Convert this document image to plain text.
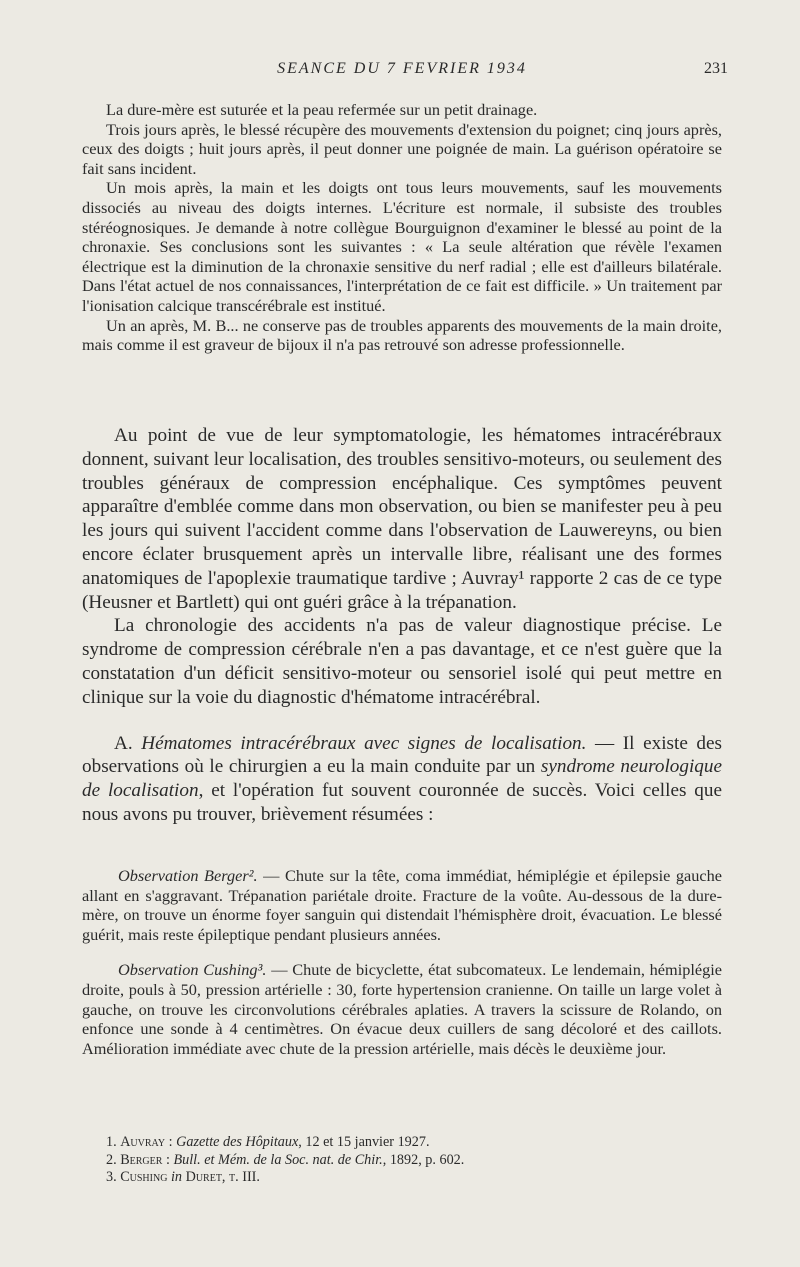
SEANCE DU 7 FEVRIER 1934	231

La dure-mère est suturée et la peau refermée sur un petit drainage.

Trois jours après, le blessé récupère des mouvements d'extension du poignet; cinq jours après, ceux des doigts ; huit jours après, il peut donner une poignée de main. La guérison opératoire se fait sans incident.

Un mois après, la main et les doigts ont tous leurs mouvements, sauf les mouvements dissociés au niveau des doigts internes. L'écriture est normale, il subsiste des troubles stéréognosiques. Je demande à notre collègue Bourguignon d'examiner le blessé au point de la chronaxie. Ses conclusions sont les suivantes : « La seule altération que révèle l'examen électrique est la diminution de la chronaxie sensitive du nerf radial ; elle est d'ailleurs bilatérale. Dans l'état actuel de nos connaissances, l'interprétation de ce fait est difficile. » Un traitement par l'ionisation calcique transcérébrale est institué.

Un an après, M. B... ne conserve pas de troubles apparents des mouvements de la main droite, mais comme il est graveur de bijoux il n'a pas retrouvé son adresse professionnelle.

Au point de vue de leur symptomatologie, les hématomes intracérébraux donnent, suivant leur localisation, des troubles sensitivo-moteurs, ou seulement des troubles généraux de compression encéphalique. Ces symptômes peuvent apparaître d'emblée comme dans mon observation, ou bien se manifester peu à peu les jours qui suivent l'accident comme dans l'observation de Lauwereyns, ou bien encore éclater brusquement après un intervalle libre, réalisant une des formes anatomiques de l'apoplexie traumatique tardive ; Auvray¹ rapporte 2 cas de ce type (Heusner et Bartlett) qui ont guéri grâce à la trépanation.

La chronologie des accidents n'a pas de valeur diagnostique précise. Le syndrome de compression cérébrale n'en a pas davantage, et ce n'est guère que la constatation d'un déficit sensitivo-moteur ou sensoriel isolé qui peut mettre en clinique sur la voie du diagnostic d'hématome intracérébral.

A. Hématomes intracérébraux avec signes de localisation. — Il existe des observations où le chirurgien a eu la main conduite par un syndrome neurologique de localisation, et l'opération fut souvent couronnée de succès. Voici celles que nous avons pu trouver, brièvement résumées :

Observation Berger². — Chute sur la tête, coma immédiat, hémiplégie et épilepsie gauche allant en s'aggravant. Trépanation pariétale droite. Fracture de la voûte. Au-dessous de la dure-mère, on trouve un énorme foyer sanguin qui distendait l'hémisphère droit, évacuation. Le blessé guérit, mais reste épileptique pendant plusieurs années.

Observation Cushing³. — Chute de bicyclette, état subcomateux. Le lendemain, hémiplégie droite, pouls à 50, pression artérielle : 30, forte hypertension cranienne. On taille un large volet à gauche, on trouve les circonvolutions cérébrales aplaties. A travers la scissure de Rolando, on enfonce une sonde à 4 centimètres. On évacue deux cuillers de sang décoloré et des caillots. Amélioration immédiate avec chute de la pression artérielle, mais décès le deuxième jour.

1. Auvray : Gazette des Hôpitaux, 12 et 15 janvier 1927.
2. Berger : Bull. et Mém. de la Soc. nat. de Chir., 1892, p. 602.
3. Cushing in Duret, t. III.
